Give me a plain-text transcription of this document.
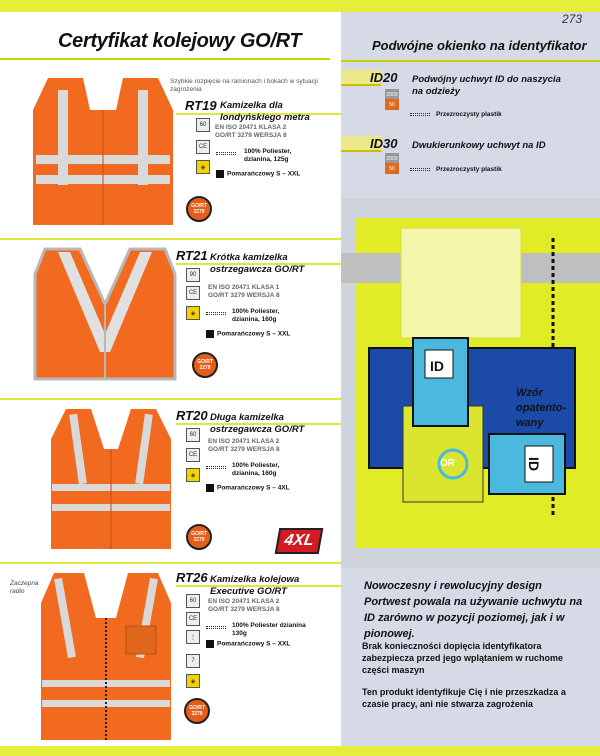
273
Certyfikat kolejowy GO/RT	Podwójne okienko na identyfikator
Szybkie rozpięcie na ramionach i bokach w sytuacji zagrożenia
RT19 Kamizelka dla londyńskiego metra
60 EN ISO 20471 KLASA 2
GO/RT 3279 WERSJA 8
CE
100% Poliester, dzianina, 125g
◈
Pomarańczowy S – XXL
GO/RT 3279
RT21 Krótka kamizelka ostrzegawcza GO/RT
90
EN ISO 20471 KLASA 1
GO/RT 3279 WERSJA 8
CE
◈	100% Poliester, dzianina, 160g
Pomarańczowy S – XXL
GO/RT 3279
RT20 Długa kamizelka ostrzegawcza GO/RT
60
EN ISO 20471 KLASA 2
GO/RT 3279 WERSJA 8
CE
◈
100% Poliester, dzianina, 160g
Pomarańczowy S – 4XL
GO/RT 3279	4XL
Zaczepna radio
RT26 Kamizelka kolejowa Executive GO/RT
60 EN ISO 20471 KLASA 2
GO/RT 3279 WERSJA 8
CE
100% Poliester dzianina 130g
⋮
Pomarańczowy S – XXL
7
◈
GO/RT 3279
ID20 Podwójny uchwyt ID do naszycia na odzieży
2000
50
Przezroczysty plastik
ID30 Dwukierunkowy uchwyt na ID
2000
50	Przezroczysty plastik
ID
ID
OR
Wzór opatento-wany
Nowoczesny i rewolucyjny design Portwest powala na używanie uchwytu na ID zarówno w pozycji poziomej, jak i w pionowej.
Brak konieczności dopięcia identyfikatora zabezpiecza przed jego wplątaniem w ruchome części maszyn
Ten produkt identyfikuje Cię i nie przeszkadza a czasie pracy, ani nie stwarza zagrożenia
